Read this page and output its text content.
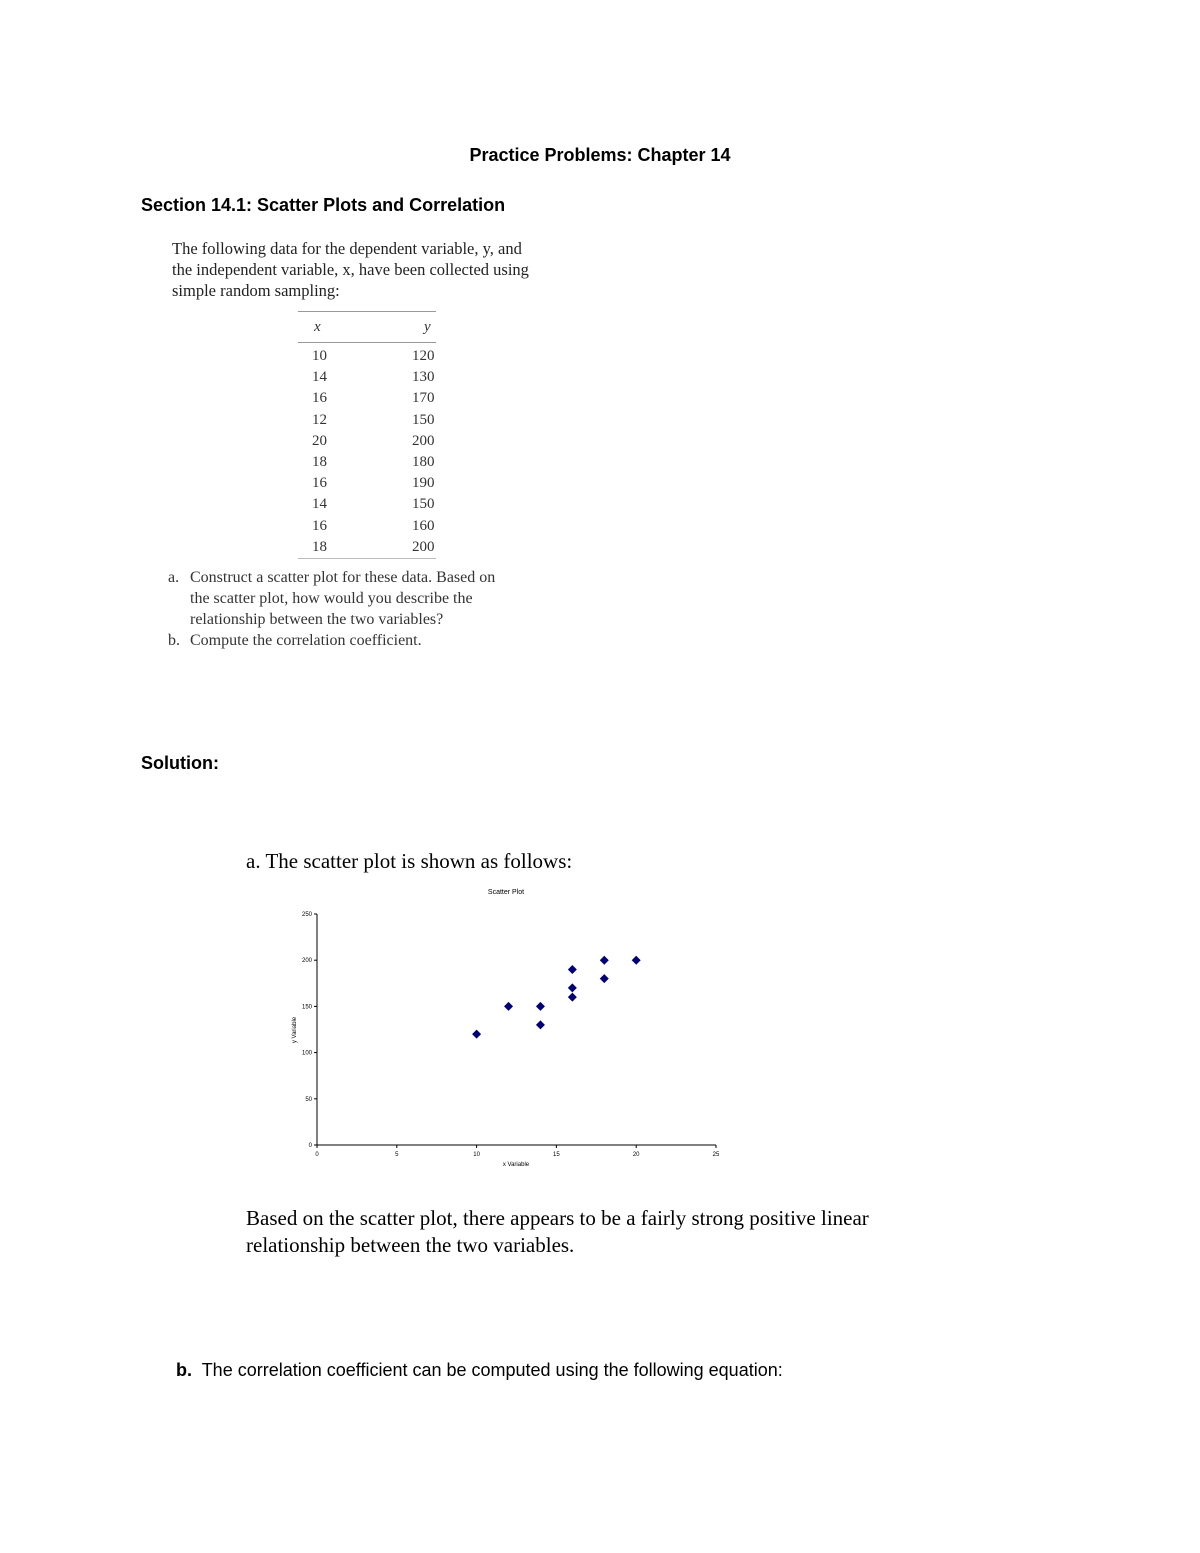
Practice Problems: Chapter 14
Section 14.1: Scatter Plots and Correlation
The following data for the dependent variable, y, and
the independent variable, x, have been collected using
simple random sampling:
x	y
10	120
14	130
16	170
12	150
20	200
18	180
16	190
14	150
16	160
18	200
a. Construct a scatter plot for these data. Based on
the scatter plot, how would you describe the
relationship between the two variables?
b. Compute the correlation coefficient.
Solution:
a. The scatter plot is shown as follows:
Scatter Plot
0
50
100
150
200
250
0	5	10	15	20	25
y Variable
x Variable
Based on the scatter plot, there appears to be a fairly strong positive linear
relationship between the two variables.
b. The correlation coefficient can be computed using the following equation:
